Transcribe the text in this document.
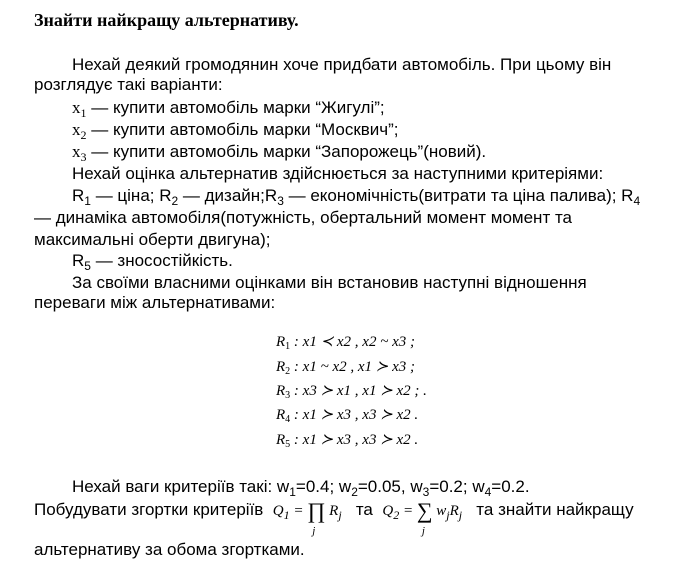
Знайти найкращу альтернативу.
Нехай деякий громодянин хоче придбати автомобіль. При цьому він
розглядує такі варіанти:
$x_1$ — купити автомобіль марки “Жигулі”;
$x_2$ — купити автомобіль марки “Москвич”;
$x_3$ — купити автомобіль марки “Запорожець”(новий).
Нехай оцінка альтернатив здійснюється за наступними критеріями:
$R_1$ — ціна; $R_2$ — $дизайн;R_3$ — економічність(витрати та ціна палива); $R_4$
— динаміка автомобіля(потужність, обертальний момент момент та
максимальні оберти двигуна);
$R_5$ — зносостійкість.
За своїми власними оцінками він встановив наступні відношення
переваги між альтернативами:
$R_1$ : x1 ≺ x2 , x2 ~ x3 ;
$R_2$ : x1 ~ x2 , x1 ≻ x3 ;
$R_3$ : x3 ≻ x1 , x1 ≻ x2 ; .
$R_4$ : x1 ≻ x3 , x3 ≻ x2 .
$R_5$ : x1 ≻ x3 , x3 ≻ x2 .
Нехай ваги критеріїв такі: $w_1=0.4$; $w_2=0.05$, $w_3=0.2$; $w_4=0.2$.
Побудувати згортки критеріїв $Q_1$ = ∏
j
$R_j$ та $Q_2$ = ∑
j
$w_jR_j$ та знайти найкращу
альтернативу за обома згортками.
